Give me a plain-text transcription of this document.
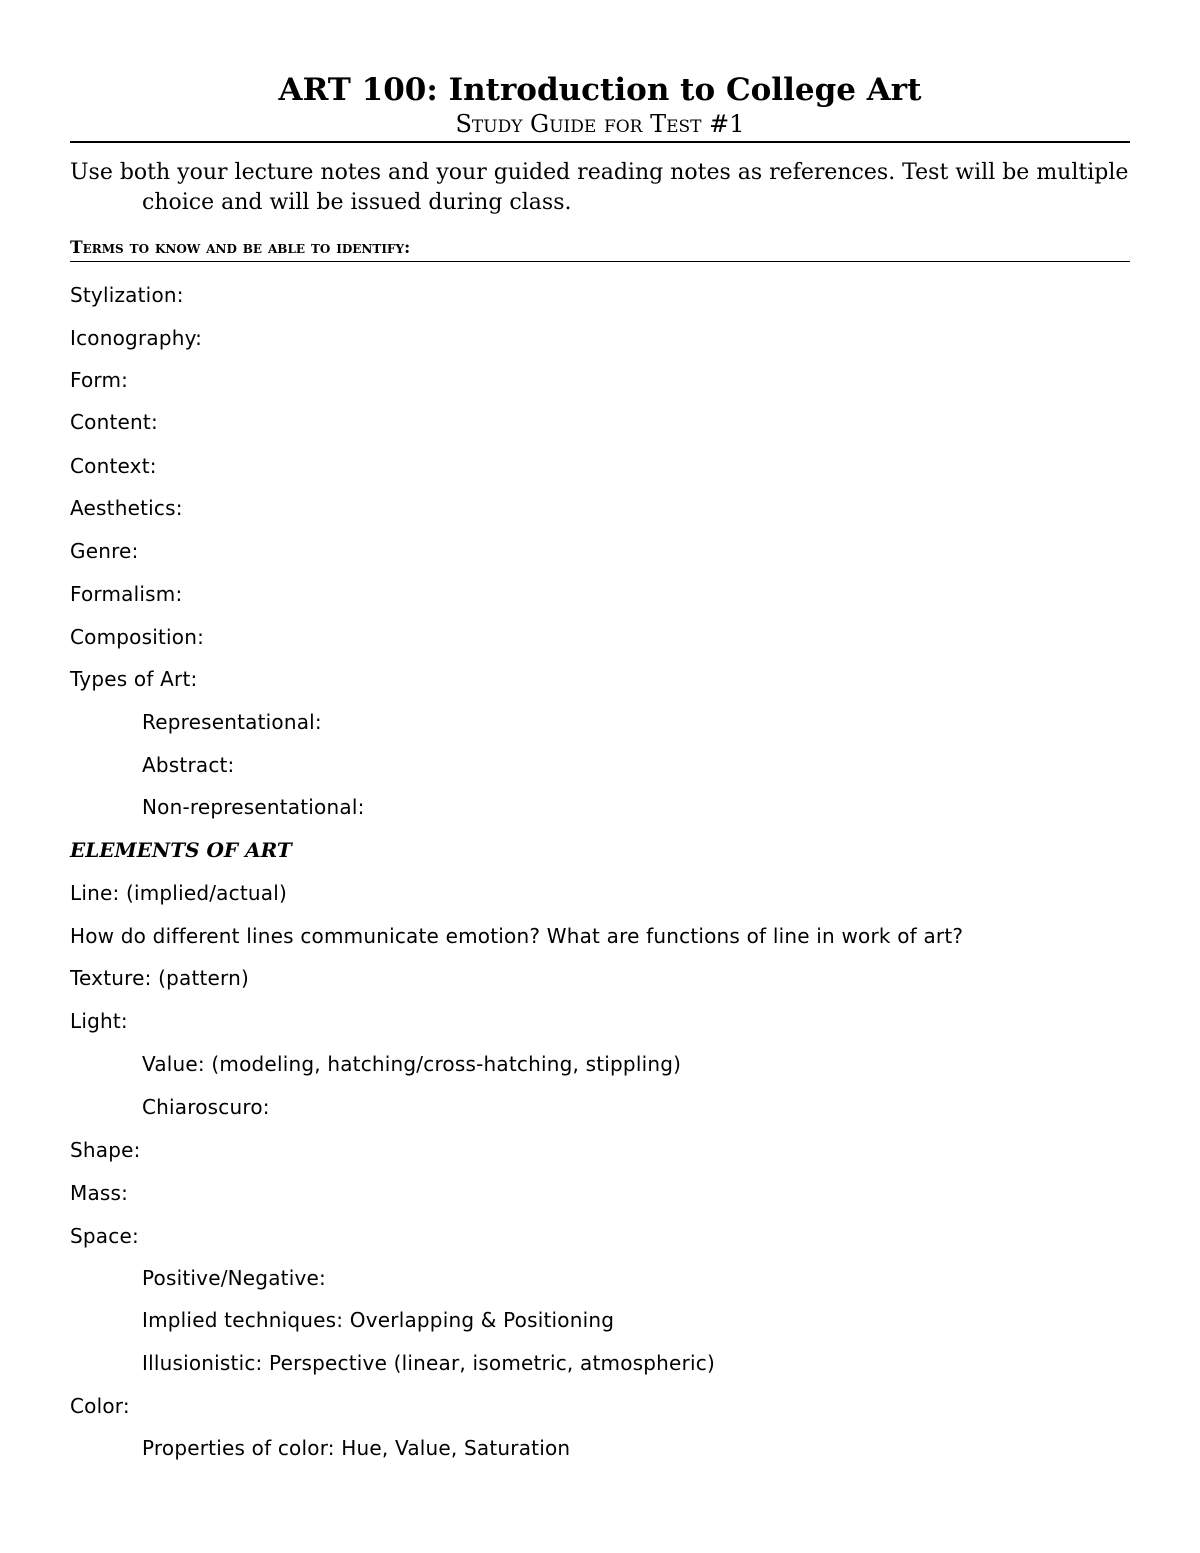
ART 100: Introduction to College Art
Study Guide for Test #1
Use both your lecture notes and your guided reading notes as references. Test will be multiple choice and will be issued during class.
Terms to know and be able to identify:
Stylization:
Iconography:
Form:
Content:
Context:
Aesthetics:
Genre:
Formalism:
Composition:
Types of Art:
Representational:
Abstract:
Non-representational:
ELEMENTS OF ART
Line: (implied/actual)
How do different lines communicate emotion? What are functions of line in work of art?
Texture: (pattern)
Light:
Value: (modeling, hatching/cross-hatching, stippling)
Chiaroscuro:
Shape:
Mass:
Space:
Positive/Negative:
Implied techniques: Overlapping & Positioning
Illusionistic: Perspective (linear, isometric, atmospheric)
Color:
Properties of color: Hue, Value, Saturation
